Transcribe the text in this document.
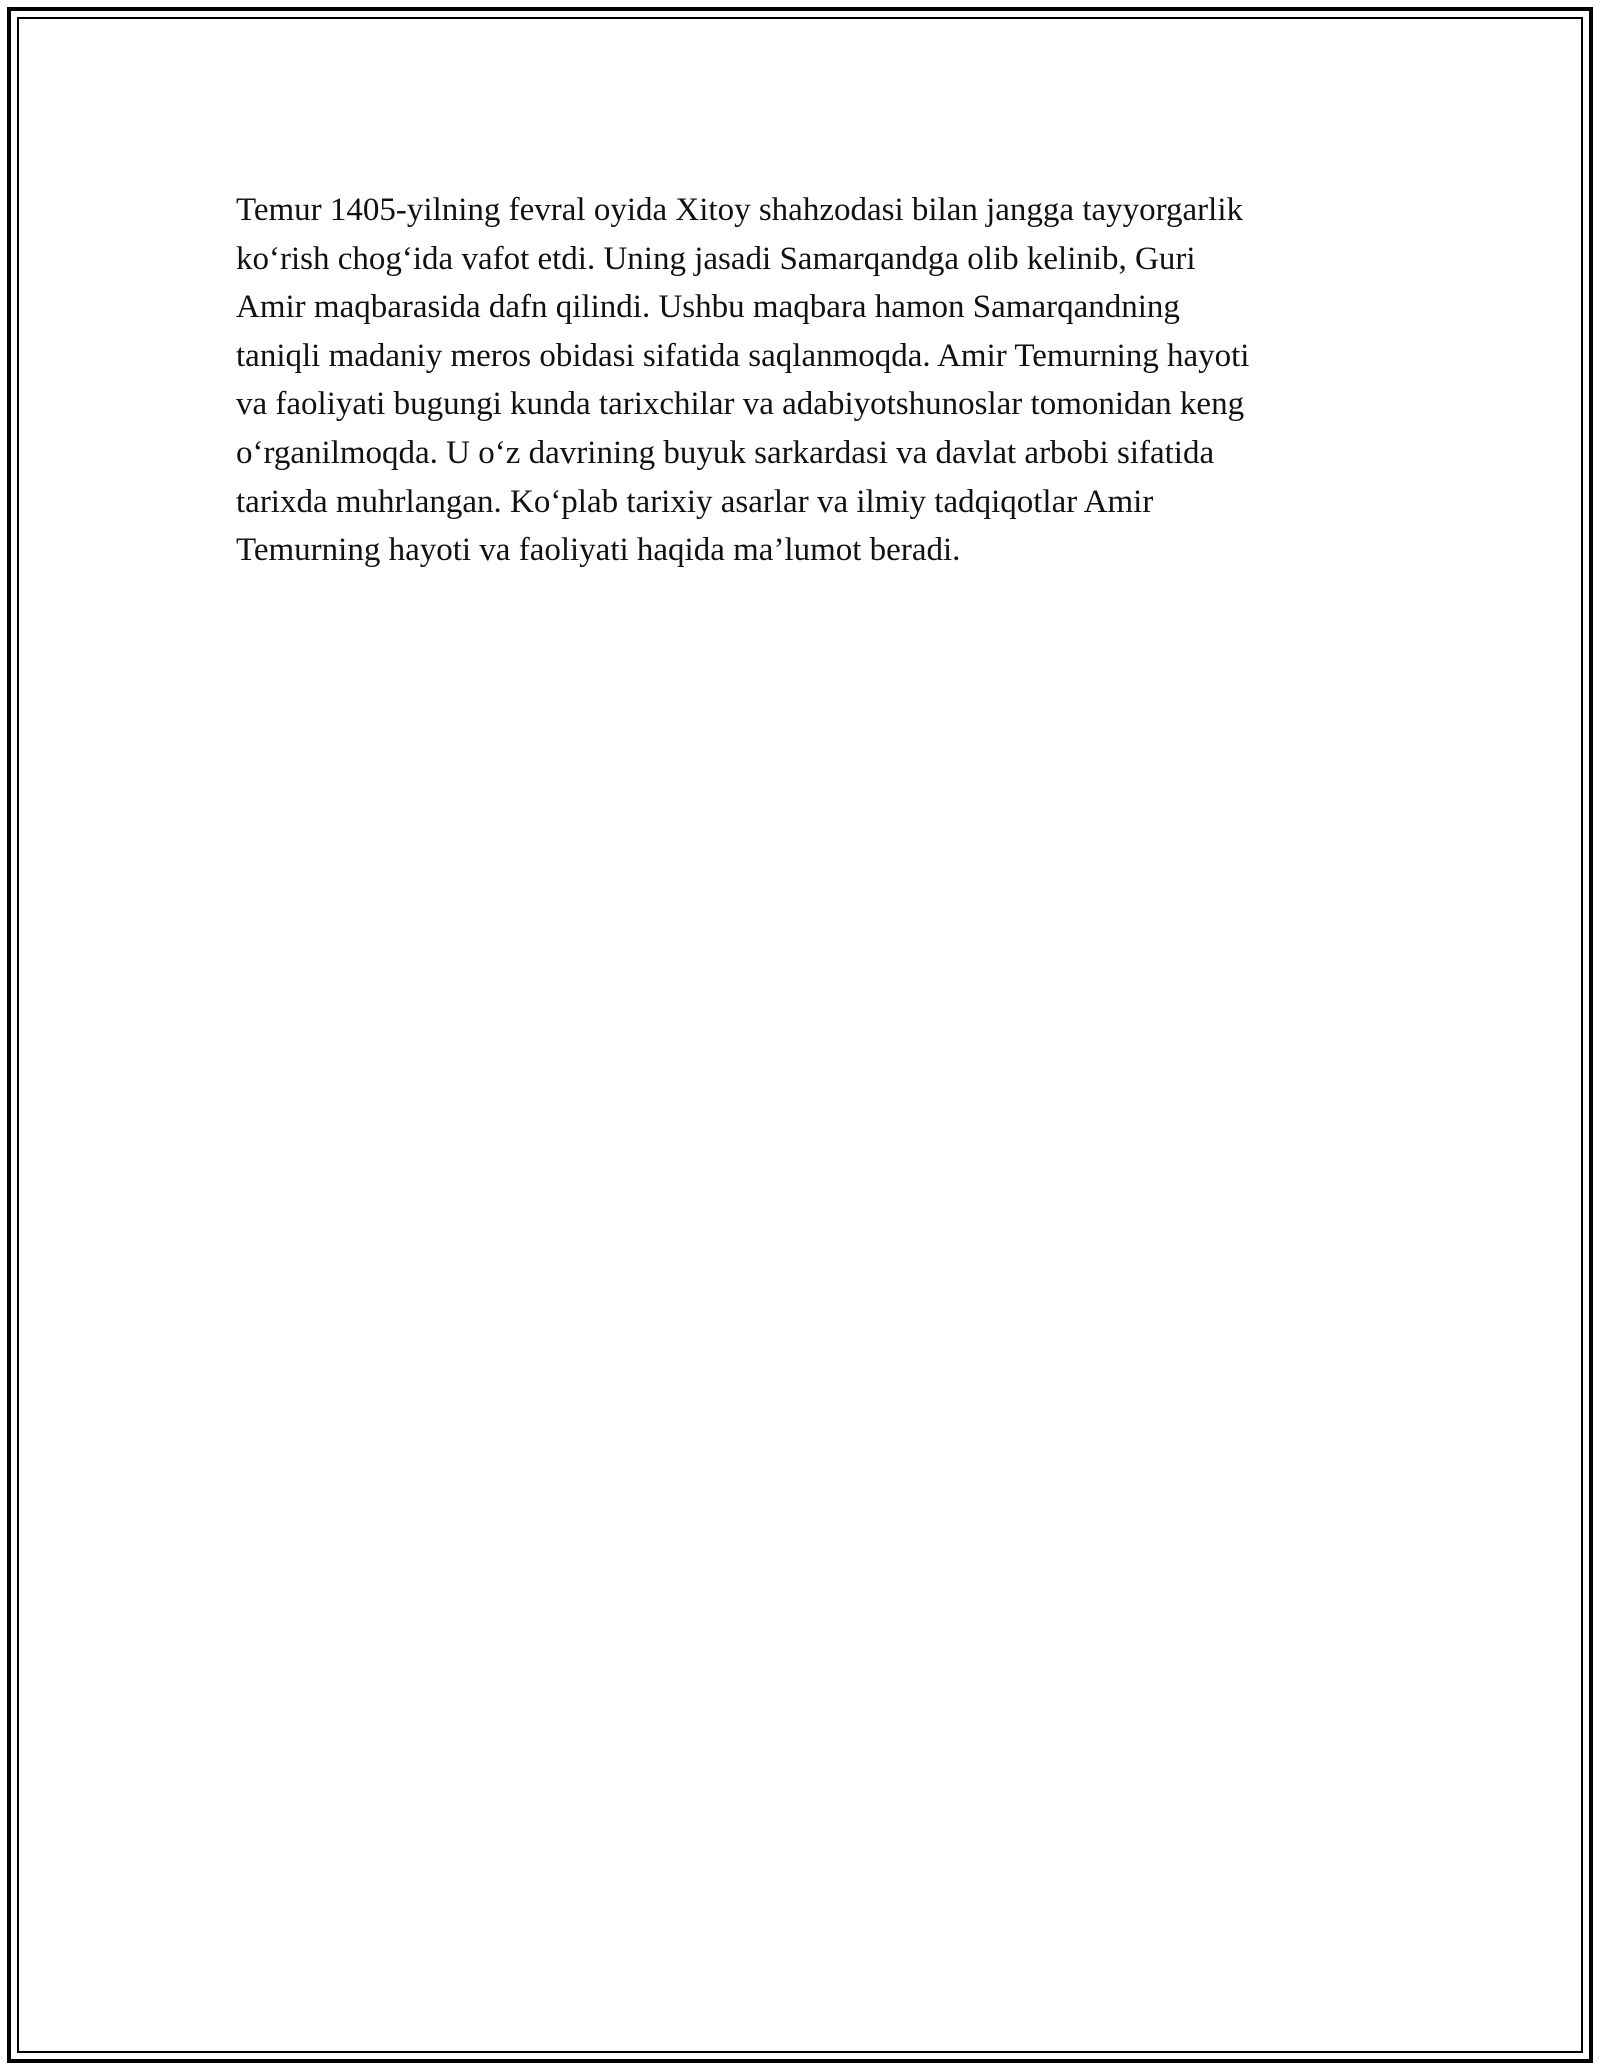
Temur 1405-yilning fevral oyida Xitoy shahzodasi bilan jangga tayyorgarlik
ko‘rish chog‘ida vafot etdi. Uning jasadi Samarqandga olib kelinib, Guri
Amir maqbarasida dafn qilindi. Ushbu maqbara hamon Samarqandning
taniqli madaniy meros obidasi sifatida saqlanmoqda. Amir Temurning hayoti
va faoliyati bugungi kunda tarixchilar va adabiyotshunoslar tomonidan keng
o‘rganilmoqda. U o‘z davrining buyuk sarkardasi va davlat arbobi sifatida
tarixda muhrlangan. Ko‘plab tarixiy asarlar va ilmiy tadqiqotlar Amir
Temurning hayoti va faoliyati haqida ma’lumot beradi.
